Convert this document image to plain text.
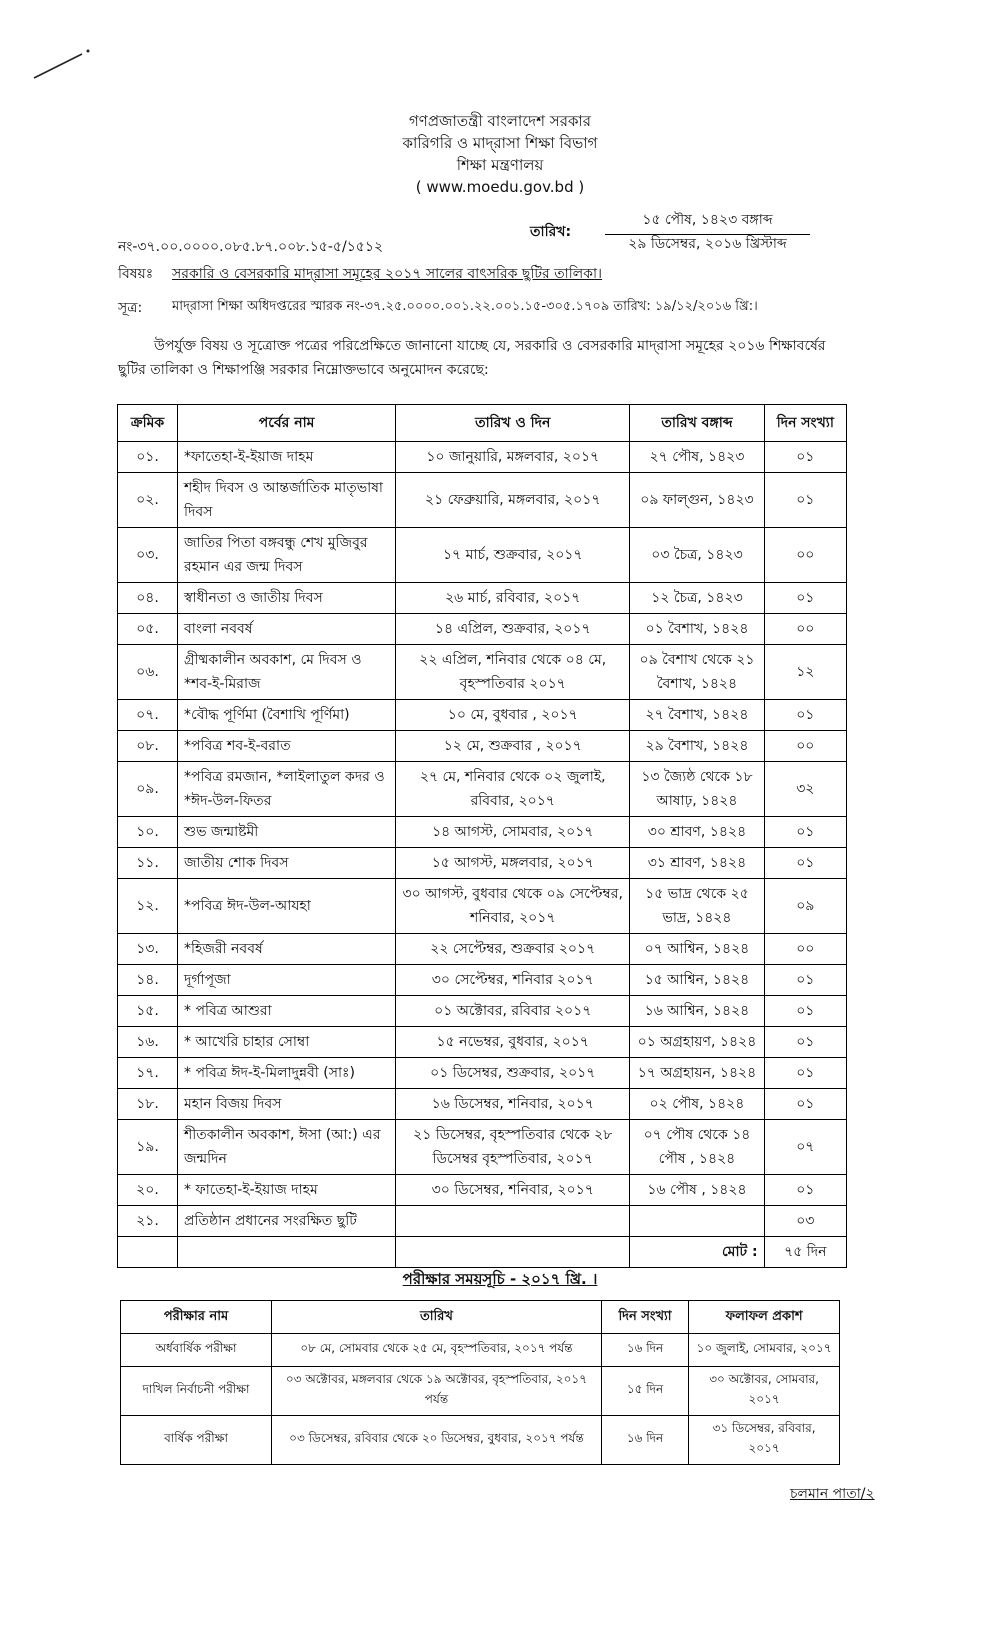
গণপ্রজাতন্ত্রী বাংলাদেশ সরকার
কারিগরি ও মাদ্‌রাসা শিক্ষা বিভাগ
শিক্ষা মন্ত্রণালয়
( www.moedu.gov.bd )
নং-৩৭.০০.০০০০.০৮৫.৮৭.০০৮.১৫-৫/১৫১২
তারিখ:
১৫ পৌষ, ১৪২৩ বঙ্গাব্দ
২৯ ডিসেম্বর, ২০১৬ খ্রিস্টাব্দ
বিষয়ঃ সরকারি ও বেসরকারি মাদ্‌রাসা সমূহের ২০১৭ সালের বাৎসরিক ছুটির তালিকা।
সূত্র: মাদ্‌রাসা শিক্ষা অধিদপ্তরের স্মারক নং-৩৭.২৫.০০০০.০০১.২২.০০১.১৫-৩০৫.১৭০৯ তারিখ: ১৯/১২/২০১৬ খ্রি:।
উপর্যুক্ত বিষয় ও সূত্রোক্ত পত্রের পরিপ্রেক্ষিতে জানানো যাচ্ছে যে, সরকারি ও বেসরকারি মাদ্‌রাসা সমূহের ২০১৬ শিক্ষাবর্ষের ছুটির তালিকা ও শিক্ষাপঞ্জি সরকার নিম্নোক্তভাবে অনুমোদন করেছে:
ক্রমিক	পর্বের নাম	তারিখ ও দিন	তারিখ বঙ্গাব্দ	দিন সংখ্যা
০১.	*ফাতেহা-ই-ইয়াজ দাহম	১০ জানুয়ারি, মঙ্গলবার, ২০১৭	২৭ পৌষ, ১৪২৩	০১
০২.	শহীদ দিবস ও আন্তর্জাতিক মাতৃভাষা দিবস	২১ ফেব্রুয়ারি, মঙ্গলবার, ২০১৭	০৯ ফাল্গুন, ১৪২৩	০১
০৩.	জাতির পিতা বঙ্গবন্ধু শেখ মুজিবুর রহমান এর জন্ম দিবস	১৭ মার্চ, শুক্রবার, ২০১৭	০৩ চৈত্র, ১৪২৩	০০
০৪.	স্বাধীনতা ও জাতীয় দিবস	২৬ মার্চ, রবিবার, ২০১৭	১২ চৈত্র, ১৪২৩	০১
০৫.	বাংলা নববর্ষ	১৪ এপ্রিল, শুক্রবার, ২০১৭	০১ বৈশাখ, ১৪২৪	০০
০৬.	গ্রীষ্মকালীন অবকাশ, মে দিবস ও *শব-ই-মিরাজ	২২ এপ্রিল, শনিবার থেকে ০৪ মে, বৃহস্পতিবার ২০১৭	০৯ বৈশাখ থেকে ২১ বৈশাখ, ১৪২৪	১২
০৭.	*বৌদ্ধ পূর্ণিমা (বৈশাখি পূর্ণিমা)	১০ মে, বুধবার , ২০১৭	২৭ বৈশাখ, ১৪২৪	০১
০৮.	*পবিত্র শব-ই-বরাত	১২ মে, শুক্রবার , ২০১৭	২৯ বৈশাখ, ১৪২৪	০০
০৯.	*পবিত্র রমজান, *লাইলাতুল কদর ও *ঈদ-উল-ফিতর	২৭ মে, শনিবার থেকে ০২ জুলাই, রবিবার, ২০১৭	১৩ জ্যৈষ্ঠ থেকে ১৮ আষাঢ়, ১৪২৪	৩২
১০.	শুভ জন্মাষ্টমী	১৪ আগস্ট, সোমবার, ২০১৭	৩০ শ্রাবণ, ১৪২৪	০১
১১.	জাতীয় শোক দিবস	১৫ আগস্ট, মঙ্গলবার, ২০১৭	৩১ শ্রাবণ, ১৪২৪	০১
১২.	*পবিত্র ঈদ-উল-আযহা	৩০ আগস্ট, বুধবার থেকে ০৯ সেপ্টেম্বর, শনিবার, ২০১৭	১৫ ভাদ্র থেকে ২৫ ভাদ্র, ১৪২৪	০৯
১৩.	*হিজরী নববর্ষ	২২ সেপ্টেম্বর, শুক্রবার ২০১৭	০৭ আশ্বিন, ১৪২৪	০০
১৪.	দূর্গাপূজা	৩০ সেপ্টেম্বর, শনিবার ২০১৭	১৫ আশ্বিন, ১৪২৪	০১
১৫.	* পবিত্র আশুরা	০১ অক্টোবর, রবিবার ২০১৭	১৬ আশ্বিন, ১৪২৪	০১
১৬.	* আখেরি চাহার সোম্বা	১৫ নভেম্বর, বুধবার, ২০১৭	০১ অগ্রহায়ণ, ১৪২৪	০১
১৭.	* পবিত্র ঈদ-ই-মিলাদুন্নবী (সাঃ)	০১ ডিসেম্বর, শুক্রবার, ২০১৭	১৭ অগ্রহায়ন, ১৪২৪	০১
১৮.	মহান বিজয় দিবস	১৬ ডিসেম্বর, শনিবার, ২০১৭	০২ পৌষ, ১৪২৪	০১
১৯.	শীতকালীন অবকাশ, ঈসা (আ:) এর জন্মদিন	২১ ডিসেম্বর, বৃহস্পতিবার থেকে ২৮ ডিসেম্বর বৃহস্পতিবার, ২০১৭	০৭ পৌষ থেকে ১৪ পৌষ , ১৪২৪	০৭
২০.	* ফাতেহা-ই-ইয়াজ দাহম	৩০ ডিসেম্বর, শনিবার, ২০১৭	১৬ পৌষ , ১৪২৪	০১
২১.	প্রতিষ্ঠান প্রধানের সংরক্ষিত ছুটি			০৩
			মোট :	৭৫ দিন
পরীক্ষার সময়সূচি - ২০১৭ খ্রি. ।
পরীক্ষার নাম	তারিখ	দিন সংখ্যা	ফলাফল প্রকাশ
অর্ধবার্ষিক পরীক্ষা	০৮ মে, সোমবার থেকে ২৫ মে, বৃহস্পতিবার, ২০১৭ পর্যন্ত	১৬ দিন	১০ জুলাই, সোমবার, ২০১৭
দাখিল নির্বাচনী পরীক্ষা	০৩ অক্টোবর, মঙ্গলবার থেকে ১৯ অক্টোবর, বৃহস্পতিবার, ২০১৭ পর্যন্ত	১৫ দিন	৩০ অক্টোবর, সোমবার, ২০১৭
বার্ষিক পরীক্ষা	০৩ ডিসেম্বর, রবিবার থেকে ২০ ডিসেম্বর, বুধবার, ২০১৭ পর্যন্ত	১৬ দিন	৩১ ডিসেম্বর, রবিবার, ২০১৭
চলমান পাতা/২
